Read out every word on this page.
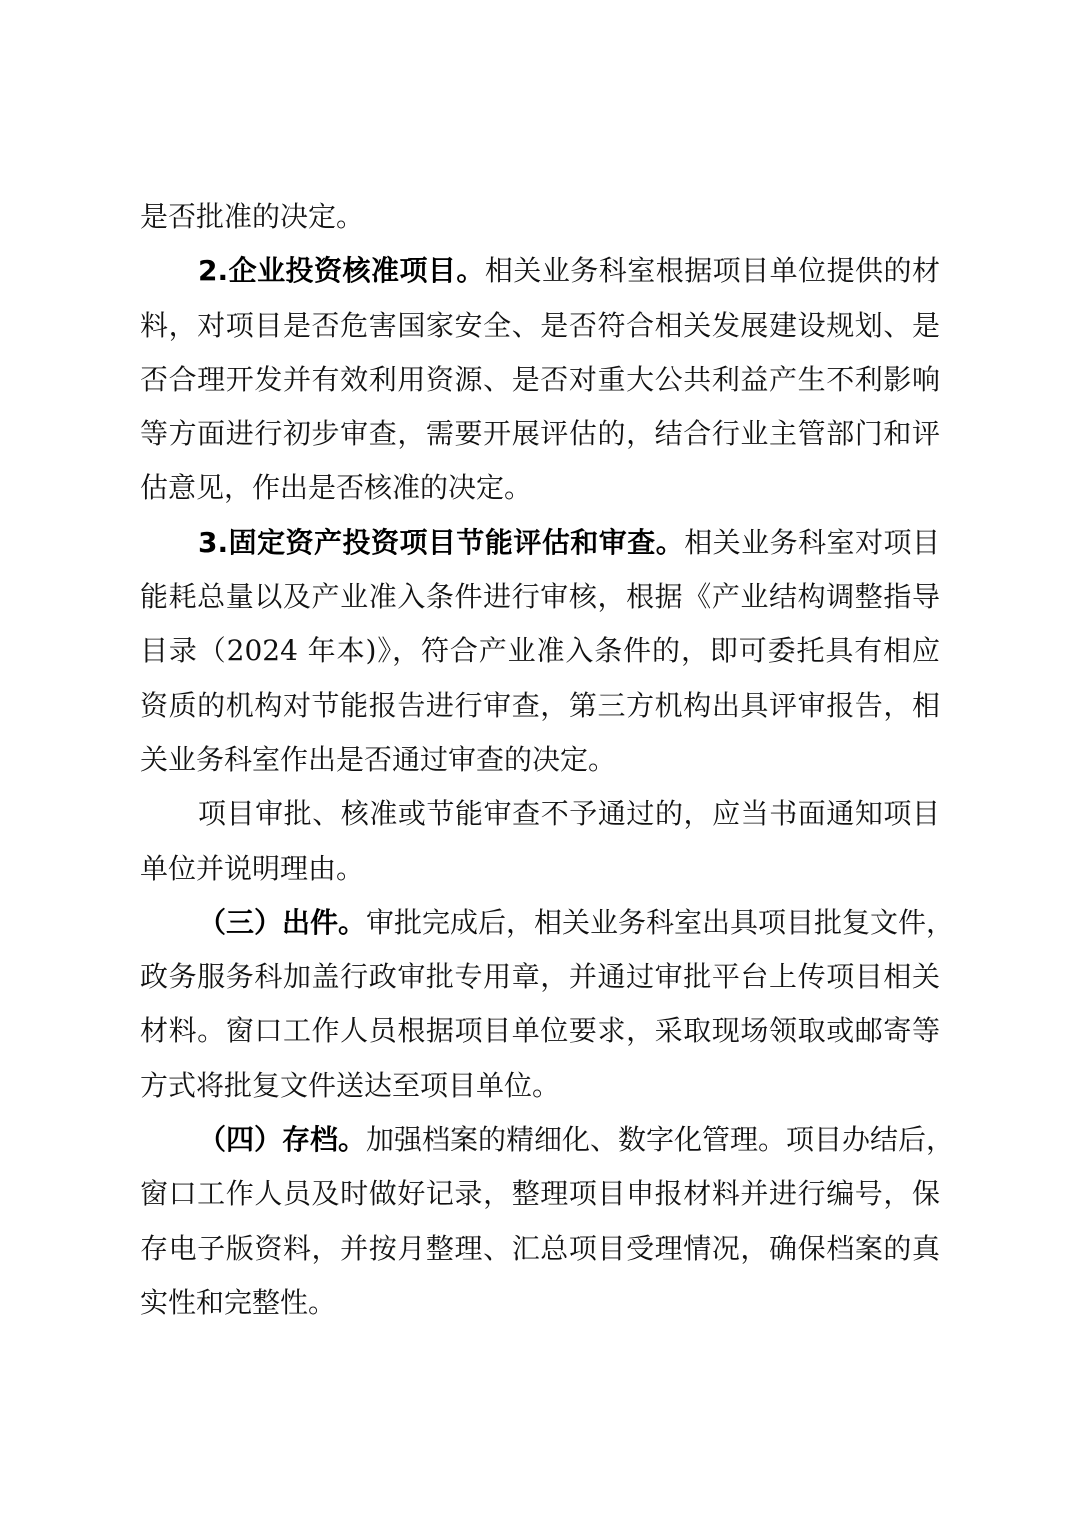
是否批准的决定。
2.企业投资核准项目。相关业务科室根据项目单位提供的材
料，对项目是否危害国家安全、是否符合相关发展建设规划、是
否合理开发并有效利用资源、是否对重大公共利益产生不利影响
等方面进行初步审查，需要开展评估的，结合行业主管部门和评
估意见，作出是否核准的决定。
3.固定资产投资项目节能评估和审查。相关业务科室对项目
能耗总量以及产业准入条件进行审核，根据《产业结构调整指导
目录（2024 年本)》，符合产业准入条件的，即可委托具有相应
资质的机构对节能报告进行审查，第三方机构出具评审报告，相
关业务科室作出是否通过审查的决定。
项目审批、核准或节能审查不予通过的，应当书面通知项目
单位并说明理由。
（三）出件。审批完成后，相关业务科室出具项目批复文件，
政务服务科加盖行政审批专用章，并通过审批平台上传项目相关
材料。窗口工作人员根据项目单位要求，采取现场领取或邮寄等
方式将批复文件送达至项目单位。
（四）存档。加强档案的精细化、数字化管理。项目办结后，
窗口工作人员及时做好记录，整理项目申报材料并进行编号，保
存电子版资料，并按月整理、汇总项目受理情况，确保档案的真
实性和完整性。
